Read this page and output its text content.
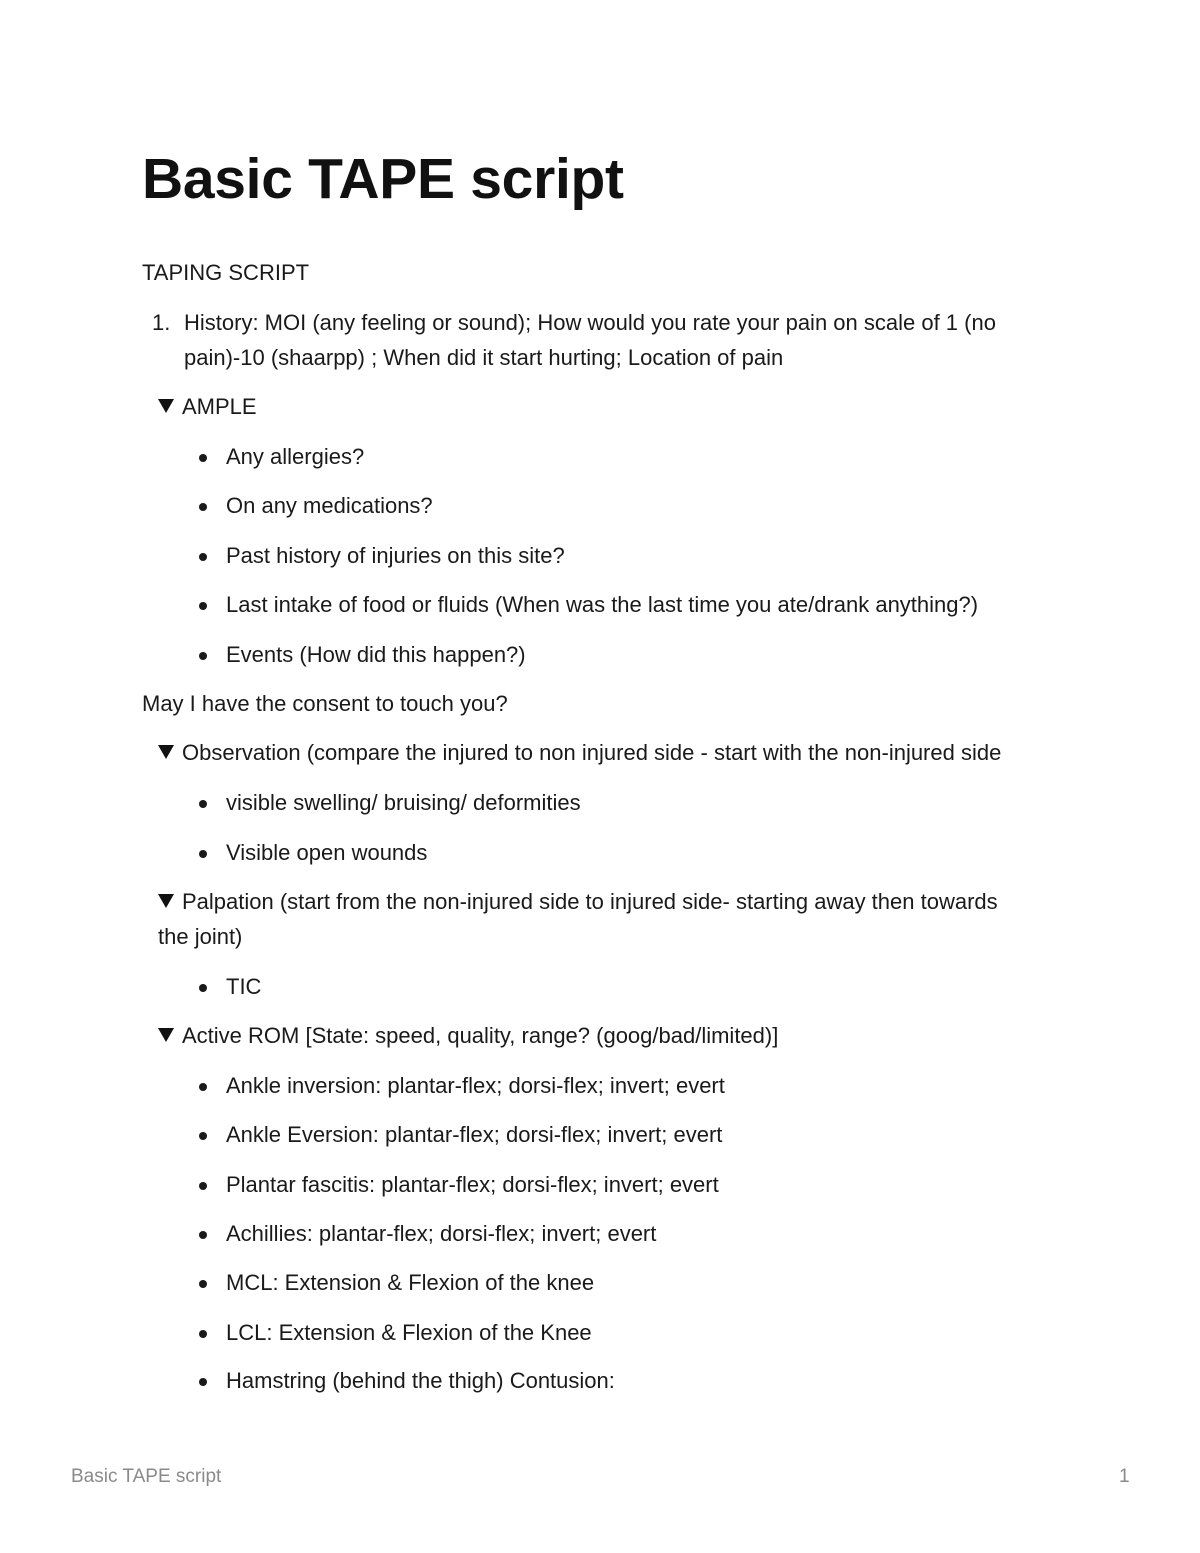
Basic TAPE script
TAPING SCRIPT
1. History: MOI (any feeling or sound); How would you rate your pain on scale of 1 (no
pain)-10 (shaarpp) ; When did it start hurting; Location of pain
AMPLE
Any allergies?
On any medications?
Past history of injuries on this site?
Last intake of food or fluids (When was the last time you ate/drank anything?)
Events (How did this happen?)
May I have the consent to touch you?
Observation (compare the injured to non injured side - start with the non-injured side
visible swelling/ bruising/ deformities
Visible open wounds
Palpation (start from the non-injured side to injured side- starting away then towards
the joint)
TIC
Active ROM [State: speed, quality, range? (goog/bad/limited)]
Ankle inversion: plantar-flex; dorsi-flex; invert; evert
Ankle Eversion: plantar-flex; dorsi-flex; invert; evert
Plantar fascitis: plantar-flex; dorsi-flex; invert; evert
Achillies: plantar-flex; dorsi-flex; invert; evert
MCL: Extension & Flexion of the knee
LCL: Extension & Flexion of the Knee
Hamstring (behind the thigh) Contusion:
Basic TAPE script	1
